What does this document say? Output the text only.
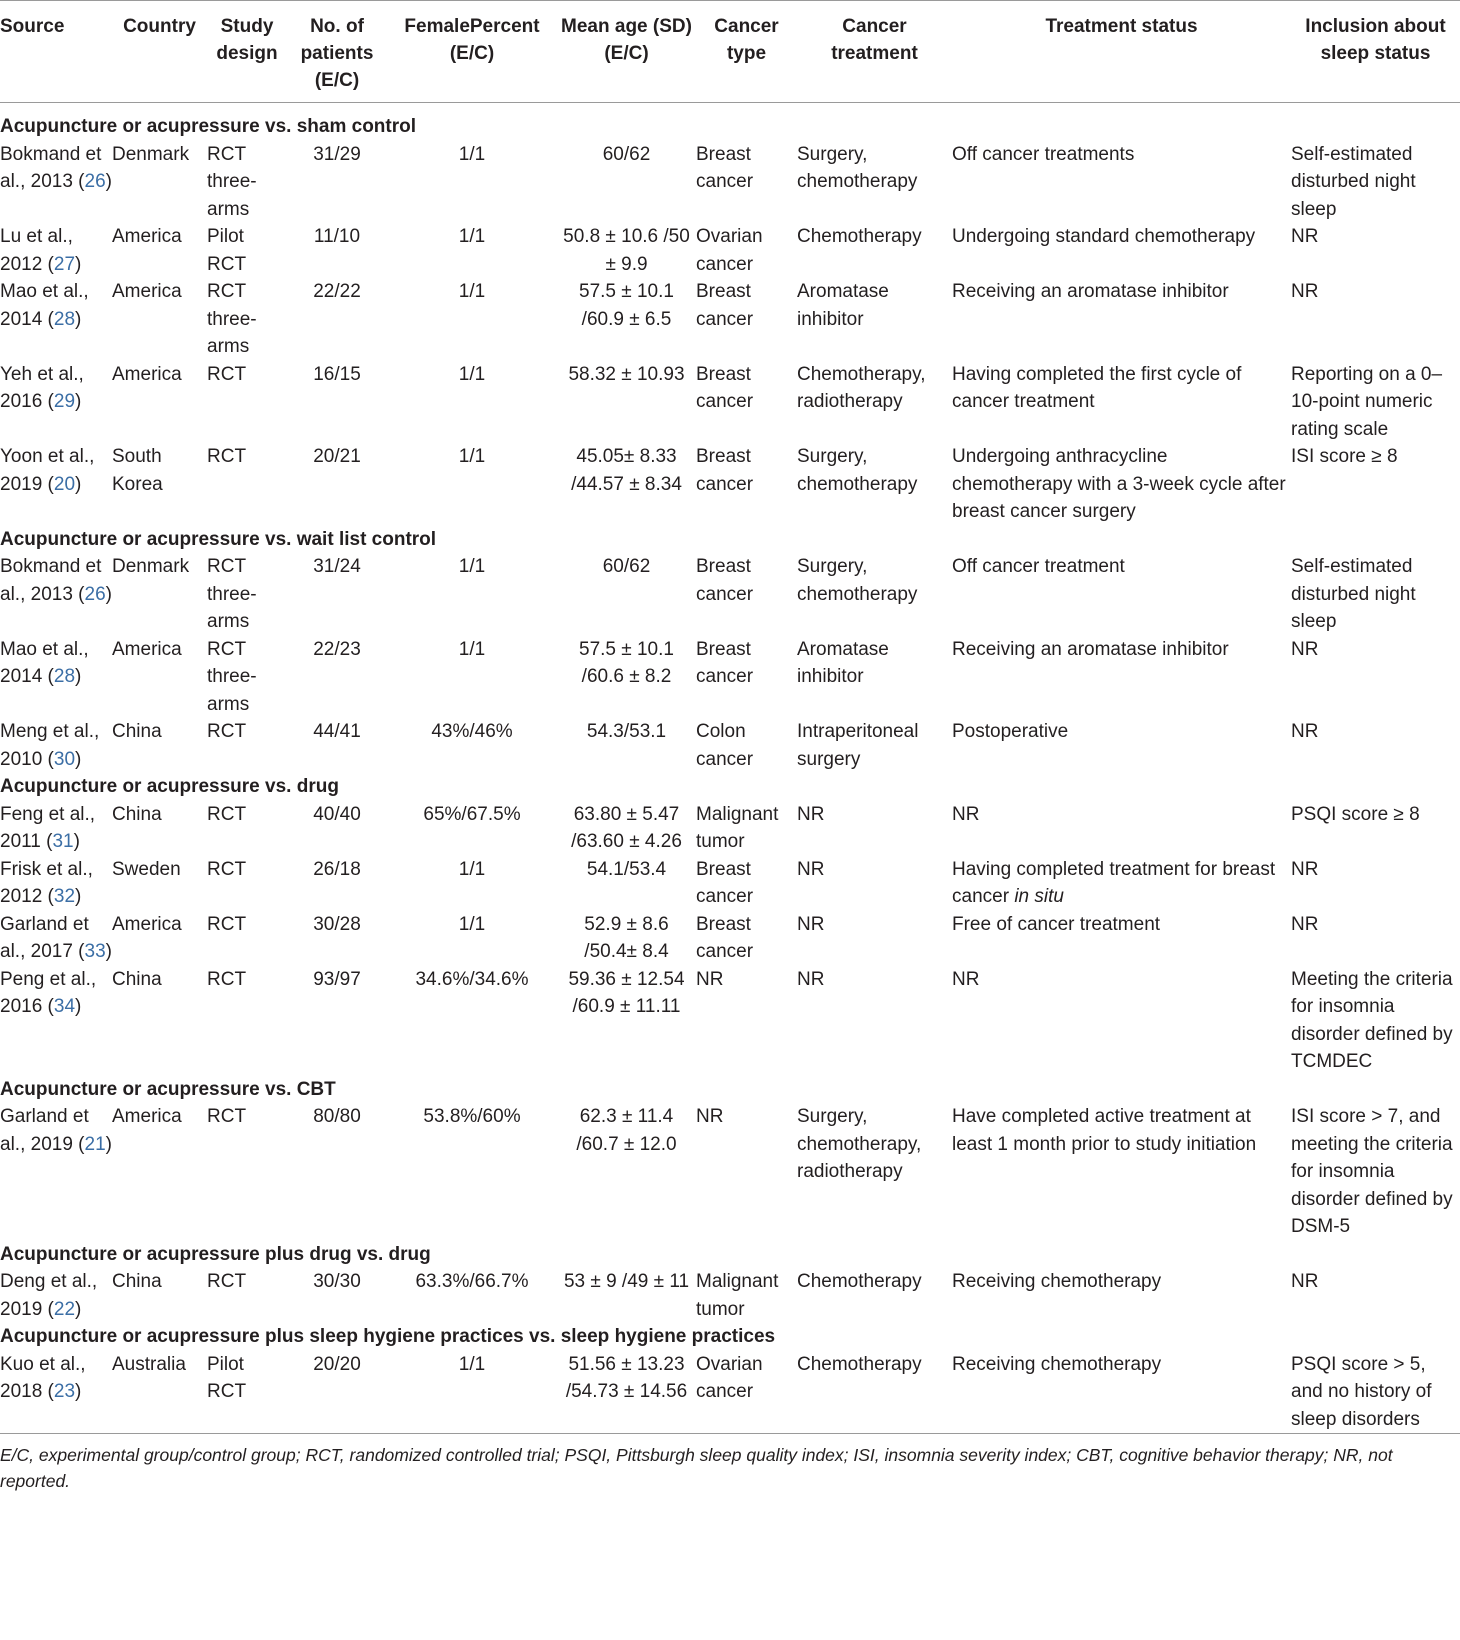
Source	Country	Study design	No. of patients (E/C)	FemalePercent (E/C)	Mean age (SD)(E/C)	Cancer type	Cancer treatment	Treatment status	Inclusion about sleep status
Acupuncture or acupressure vs. sham control									
Bokmand et al., 2013 (26)	Denmark	RCT three-arms	31/29	1/1	60/62	Breast cancer	Surgery, chemotherapy	Off cancer treatments	Self-estimated disturbed night sleep
Lu et al., 2012 (27)	America	Pilot RCT	11/10	1/1	50.8 ± 10.6 /50 ± 9.9	Ovarian cancer	Chemotherapy	Undergoing standard chemotherapy	NR
Mao et al., 2014 (28)	America	RCT three-arms	22/22	1/1	57.5 ± 10.1 /60.9 ± 6.5	Breast cancer	Aromatase inhibitor	Receiving an aromatase inhibitor	NR
Yeh et al., 2016 (29)	America	RCT	16/15	1/1	58.32 ± 10.93	Breast cancer	Chemotherapy, radiotherapy	Having completed the first cycle of cancer treatment	Reporting on a 0–10-point numeric rating scale
Yoon et al., 2019 (20)	South Korea	RCT	20/21	1/1	45.05± 8.33 /44.57 ± 8.34	Breast cancer	Surgery, chemotherapy	Undergoing anthracycline chemotherapy with a 3-week cycle after breast cancer surgery	ISI score ≥ 8
Acupuncture or acupressure vs. wait list control									
Bokmand et al., 2013 (26)	Denmark	RCT three-arms	31/24	1/1	60/62	Breast cancer	Surgery, chemotherapy	Off cancer treatment	Self-estimated disturbed night sleep
Mao et al., 2014 (28)	America	RCT three-arms	22/23	1/1	57.5 ± 10.1 /60.6 ± 8.2	Breast cancer	Aromatase inhibitor	Receiving an aromatase inhibitor	NR
Meng et al., 2010 (30)	China	RCT	44/41	43%/46%	54.3/53.1	Colon cancer	Intraperitoneal surgery	Postoperative	NR
Acupuncture or acupressure vs. drug									
Feng et al., 2011 (31)	China	RCT	40/40	65%/67.5%	63.80 ± 5.47 /63.60 ± 4.26	Malignant tumor	NR	NR	PSQI score ≥ 8
Frisk et al., 2012 (32)	Sweden	RCT	26/18	1/1	54.1/53.4	Breast cancer	NR	Having completed treatment for breast cancer in situ	NR
Garland et al., 2017 (33)	America	RCT	30/28	1/1	52.9 ± 8.6 /50.4± 8.4	Breast cancer	NR	Free of cancer treatment	NR
Peng et al., 2016 (34)	China	RCT	93/97	34.6%/34.6%	59.36 ± 12.54 /60.9 ± 11.11	NR	NR	NR	Meeting the criteria for insomnia disorder defined by TCMDEC
Acupuncture or acupressure vs. CBT									
Garland et al., 2019 (21)	America	RCT	80/80	53.8%/60%	62.3 ± 11.4 /60.7 ± 12.0	NR	Surgery, chemotherapy, radiotherapy	Have completed active treatment at least 1 month prior to study initiation	ISI score > 7, and meeting the criteria for insomnia disorder defined by DSM-5
Acupuncture or acupressure plus drug vs. drug									
Deng et al., 2019 (22)	China	RCT	30/30	63.3%/66.7%	53 ± 9 /49 ± 11	Malignant tumor	Chemotherapy	Receiving chemotherapy	NR
Acupuncture or acupressure plus sleep hygiene practices vs. sleep hygiene practices									
Kuo et al., 2018 (23)	Australia	Pilot RCT	20/20	1/1	51.56 ± 13.23 /54.73 ± 14.56	Ovarian cancer	Chemotherapy	Receiving chemotherapy	PSQI score > 5, and no history of sleep disorders
E/C, experimental group/control group; RCT, randomized controlled trial; PSQI, Pittsburgh sleep quality index; ISI, insomnia severity index; CBT, cognitive behavior therapy; NR, not reported.									
